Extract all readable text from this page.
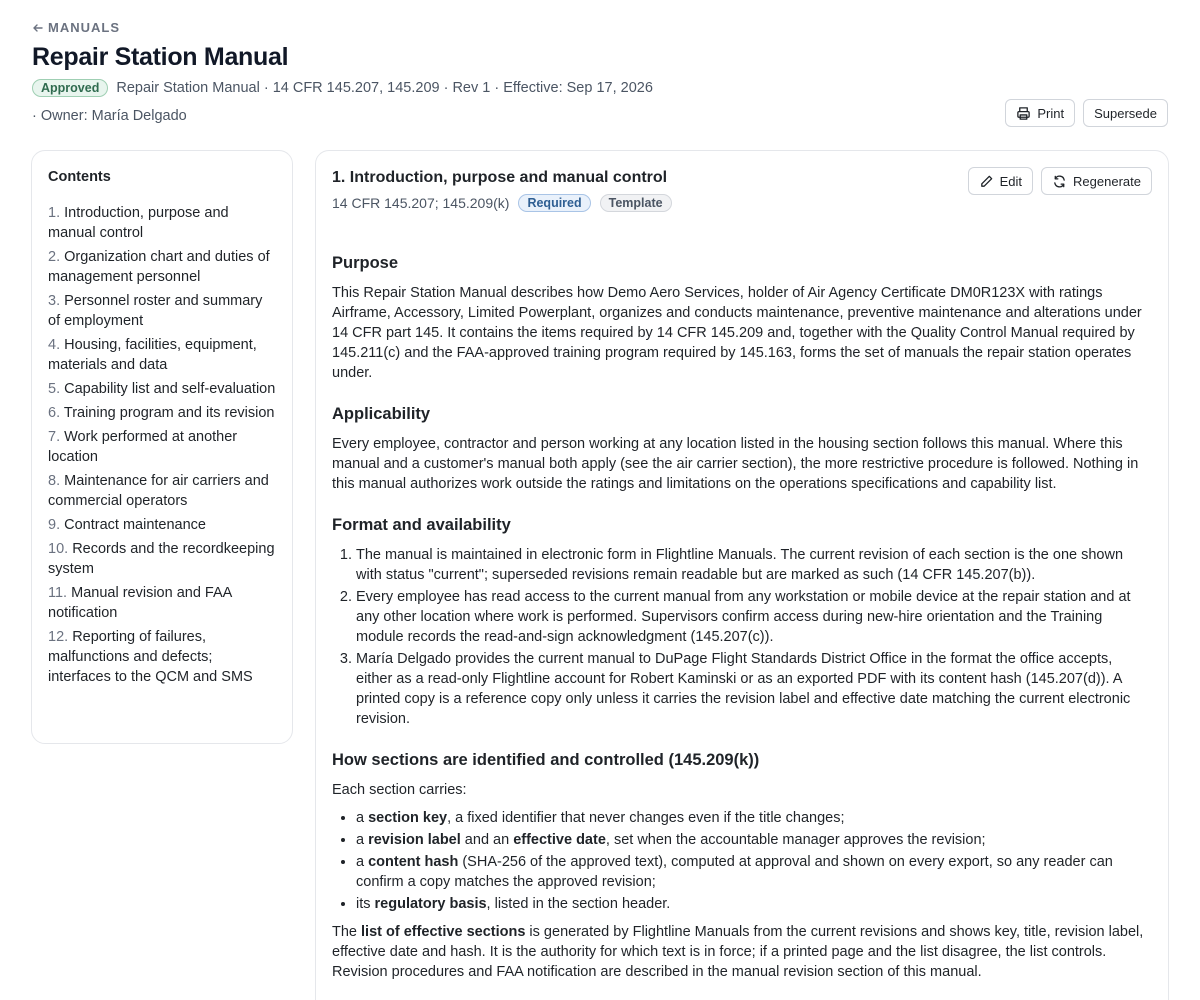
MANUALS
Repair Station Manual
Approved	Repair Station Manual · 14 CFR 145.207, 145.209 · Rev 1 · Effective: Sep 17, 2026
· Owner: María Delgado	Print Supersede
Contents
1. Introduction, purpose and manual control
2. Organization chart and duties of management personnel
3. Personnel roster and summary of employment
4. Housing, facilities, equipment, materials and data
5. Capability list and self-evaluation
6. Training program and its revision
7. Work performed at another location
8. Maintenance for air carriers and commercial operators
9. Contract maintenance
10. Records and the recordkeeping system
11. Manual revision and FAA notification
12. Reporting of failures, malfunctions and defects; interfaces to the QCM and SMS
1. Introduction, purpose and manual control
14 CFR 145.207; 145.209(k)	Required	Template
Edit	Regenerate
Purpose

This Repair Station Manual describes how Demo Aero Services, holder of Air Agency Certificate DM0R123X with ratings Airframe, Accessory, Limited Powerplant, organizes and conducts maintenance, preventive maintenance and alterations under 14 CFR part 145. It contains the items required by 14 CFR 145.209 and, together with the Quality Control Manual required by 145.211(c) and the FAA-approved training program required by 145.163, forms the set of manuals the repair station operates under.

Applicability

Every employee, contractor and person working at any location listed in the housing section follows this manual. Where this manual and a customer's manual both apply (see the air carrier section), the more restrictive procedure is followed. Nothing in this manual authorizes work outside the ratings and limitations on the operations specifications and capability list.

Format and availability
1. The manual is maintained in electronic form in Flightline Manuals. The current revision of each section is the one shown with status "current"; superseded revisions remain readable but are marked as such (14 CFR 145.207(b)).
2. Every employee has read access to the current manual from any workstation or mobile device at the repair station and at any other location where work is performed. Supervisors confirm access during new-hire orientation and the Training module records the read-and-sign acknowledgment (145.207(c)).
3. María Delgado provides the current manual to DuPage Flight Standards District Office in the format the office accepts, either as a read-only Flightline account for Robert Kaminski or as an exported PDF with its content hash (145.207(d)). A printed copy is a reference copy only unless it carries the revision label and effective date matching the current electronic revision.
How sections are identified and controlled (145.209(k))

Each section carries:

• a section key, a fixed identifier that never changes even if the title changes;
• a revision label and an effective date, set when the accountable manager approves the revision;
• a content hash (SHA-256 of the approved text), computed at approval and shown on every export, so any reader can confirm a copy matches the approved revision;
• its regulatory basis, listed in the section header.

The list of effective sections is generated by Flightline Manuals from the current revisions and shows key, title, revision label, effective date and hash. It is the authority for which text is in force; if a printed page and the list disagree, the list controls. Revision procedures and FAA notification are described in the manual revision section of this manual.
